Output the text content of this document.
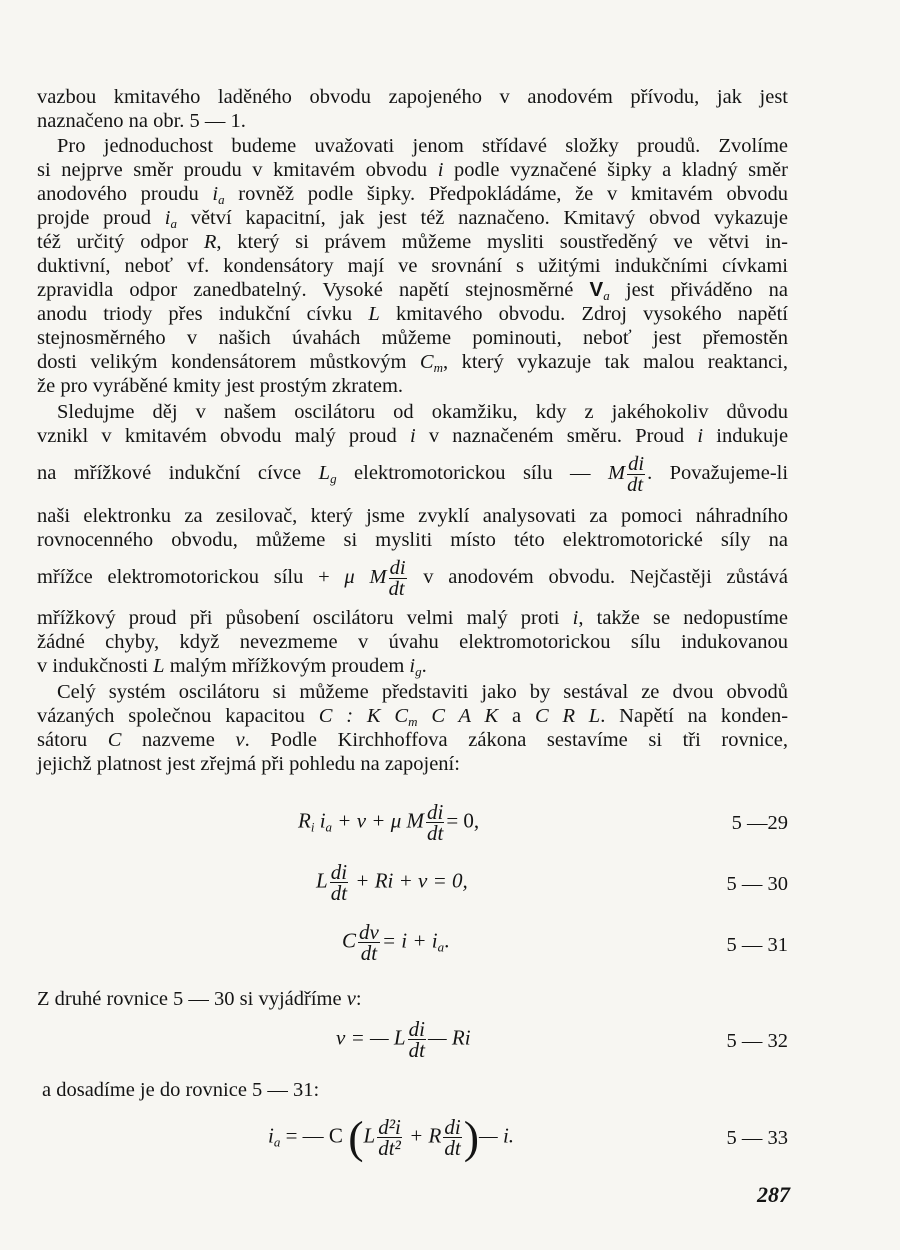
vazbou kmitavého laděného obvodu zapojeného v anodovém přívodu, jak jest
naznačeno na obr. 5 — 1.
Pro jednoduchost budeme uvažovati jenom střídavé složky proudů. Zvolíme
si nejprve směr proudu v kmitavém obvodu i podle vyznačené šipky a kladný směr
anodového proudu $i_a$ rovněž podle šipky. Předpokládáme, že v kmitavém obvodu
projde proud $i_a$ větví kapacitní, jak jest též naznačeno. Kmitavý obvod vykazuje
též určitý odpor R, který si právem můžeme mysliti soustředěný ve větvi in-
duktivní, neboť vf. kondensátory mají ve srovnání s užitými indukčními cívkami
zpravidla odpor zanedbatelný. Vysoké napětí stejnosměrné $V_a$ jest přiváděno na
anodu triody přes indukční cívku L kmitavého obvodu. Zdroj vysokého napětí
stejnosměrného v našich úvahách můžeme pominouti, neboť jest přemostěn
dosti velikým kondensátorem můstkovým $C_m$, který vykazuje tak malou reaktanci,
že pro vyráběné kmity jest prostým zkratem.
Sledujme děj v našem oscilátoru od okamžiku, kdy z jakéhokoliv důvodu
vznikl v kmitavém obvodu malý proud i v naznačeném směru. Proud i indukuje
na mřížkové indukční cívce $L_g$ elektromotorickou sílu — M $\frac{di}{dt}$ . Považujeme-li
naši elektronku za zesilovač, který jsme zvyklí analysovati za pomoci náhradního
rovnocenného obvodu, můžeme si mysliti místo této elektromotorické síly na
mřížce elektromotorickou sílu + μ M $\frac{di}{dt}$ v anodovém obvodu. Nejčastěji zůstává
mřížkový proud při působení oscilátoru velmi malý proti i, takže se nedopustíme
žádné chyby, když nevezmeme v úvahu elektromotorickou sílu indukovanou
v indukčnosti L malým mřížkovým proudem $i_g$.
Celý systém oscilátoru si můžeme představiti jako by sestával ze dvou obvodů
vázaných společnou kapacitou C : K $C_m$ C A K a C R L. Napětí na konden-
sátoru C nazveme v. Podle Kirchhoffova zákona sestavíme si tři rovnice,
jejichž platnost jest zřejmá při pohledu na zapojení:
$R_i$ $i_a + v + \mu$ M $\frac{di}{dt} = 0$,	5 —29
L $\frac{di}{dt} + Ri + v = 0$,	5 — 30
C $\frac{dv}{dt} = i + i_a$.	5 — 31
Z druhé rovnice 5 — 30 si vyjádříme v:
v = — L $\frac{di}{dt}$ — Ri	5 — 32
a dosadíme je do rovnice 5 — 31:
$i_a$ = — C ($L \frac{\text{d²i}}{\text{dt²}} + R \frac{di}{dt}$ )— i.	5 — 33
287
